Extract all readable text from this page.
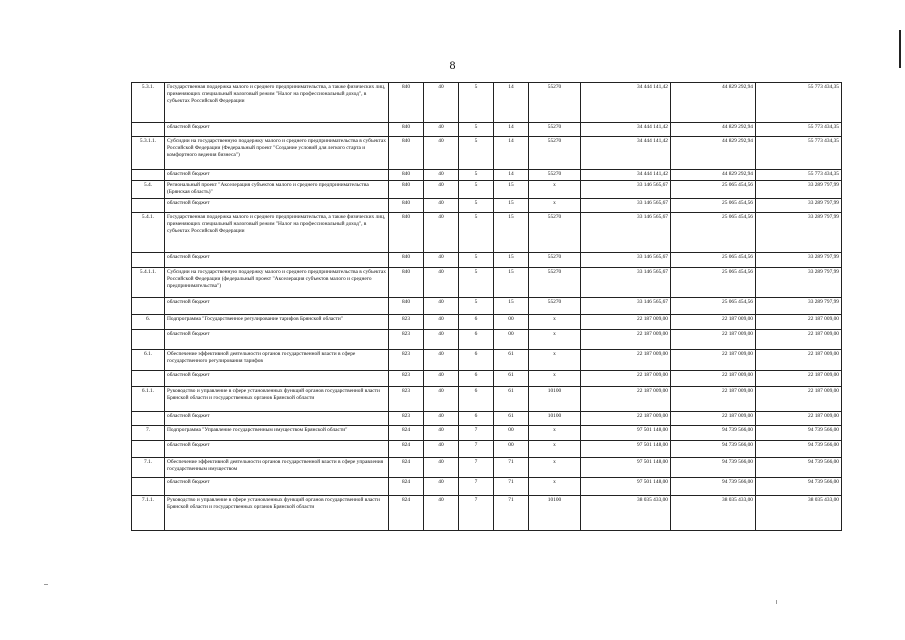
8
5.3.1.	Государственная поддержка малого и среднего предпринимательства, а также физических лиц, применяющих специальный налоговый режим "Налог на профессиональный доход", в субъектах Российской Федерации	840	40	5	14	55270	34 444 141,42	44 829 292,94	55 773 434,35
	областной бюджет	840	40	5	14	55270	34 444 141,42	44 829 292,94	55 773 434,35
5.3.1.1.	Субсидии на государственную поддержку малого и среднего предпринимательства в субъектах Российской Федерации (Федеральный проект "Создание условий для легкого старта и комфортного ведения бизнеса")	840	40	5	14	55270	34 444 141,42	44 829 292,94	55 773 434,35
	областной бюджет	840	40	5	14	55270	34 444 141,42	44 829 292,94	55 773 434,35
5.4.	Региональный проект "Акселерация субъектов малого и среднего предпринимательства (Брянская область)"	840	40	5	15	x	33 146 565,67	25 065 454,56	33 289 797,99
	областной бюджет	840	40	5	15	x	33 146 565,67	25 065 454,56	33 289 797,99
5.4.1.	Государственная поддержка малого и среднего предпринимательства, а также физических лиц, применяющих специальный налоговый режим "Налог на профессиональный доход", в субъектах Российской Федерации	840	40	5	15	55270	33 146 565,67	25 065 454,56	33 289 797,99
	областной бюджет	840	40	5	15	55270	33 146 565,67	25 065 454,56	33 289 797,99
5.4.1.1.	Субсидии на государственную поддержку малого и среднего предпринимательства в субъектах Российской Федерации (федеральный проект "Акселерация субъектов малого и среднего предпринимательства")	840	40	5	15	55270	33 146 565,67	25 065 454,56	33 289 797,99
	областной бюджет	840	40	5	15	55270	33 146 565,67	25 065 454,56	33 289 797,99
6.	Подпрограмма "Государственное регулирование тарифов Брянской области"	823	40	6	00	x	22 187 009,00	22 187 009,00	22 187 009,00
	областной бюджет	823	40	6	00	x	22 187 009,00	22 187 009,00	22 187 009,00
6.1.	Обеспечение эффективной деятельности органов государственной власти в сфере государственного регулирования тарифов	823	40	6	61	x	22 187 009,00	22 187 009,00	22 187 009,00
	областной бюджет	823	40	6	61	x	22 187 009,00	22 187 009,00	22 187 009,00
6.1.1.	Руководство и управление в сфере установленных функций органов государственной власти Брянской области и государственных органов Брянской области	823	40	6	61	10100	22 187 009,00	22 187 009,00	22 187 009,00
	областной бюджет	823	40	6	61	10100	22 187 009,00	22 187 009,00	22 187 009,00
7.	Подпрограмма "Управление государственным имуществом Брянской области"	824	40	7	00	x	97 501 148,00	94 739 566,00	94 739 566,00
	областной бюджет	824	40	7	00	x	97 501 148,00	94 739 566,00	94 739 566,00
7.1.	Обеспечение эффективной деятельности органов государственной власти в сфере управления государственным имуществом	824	40	7	71	x	97 501 148,00	94 739 566,00	94 739 566,00
	областной бюджет	824	40	7	71	x	97 501 148,00	94 739 566,00	94 739 566,00
7.1.1.	Руководство и управление в сфере установленных функций органов государственной власти Брянской области и государственных органов Брянской области	824	40	7	71	10100	38 035 433,00	38 035 433,00	38 035 433,00
